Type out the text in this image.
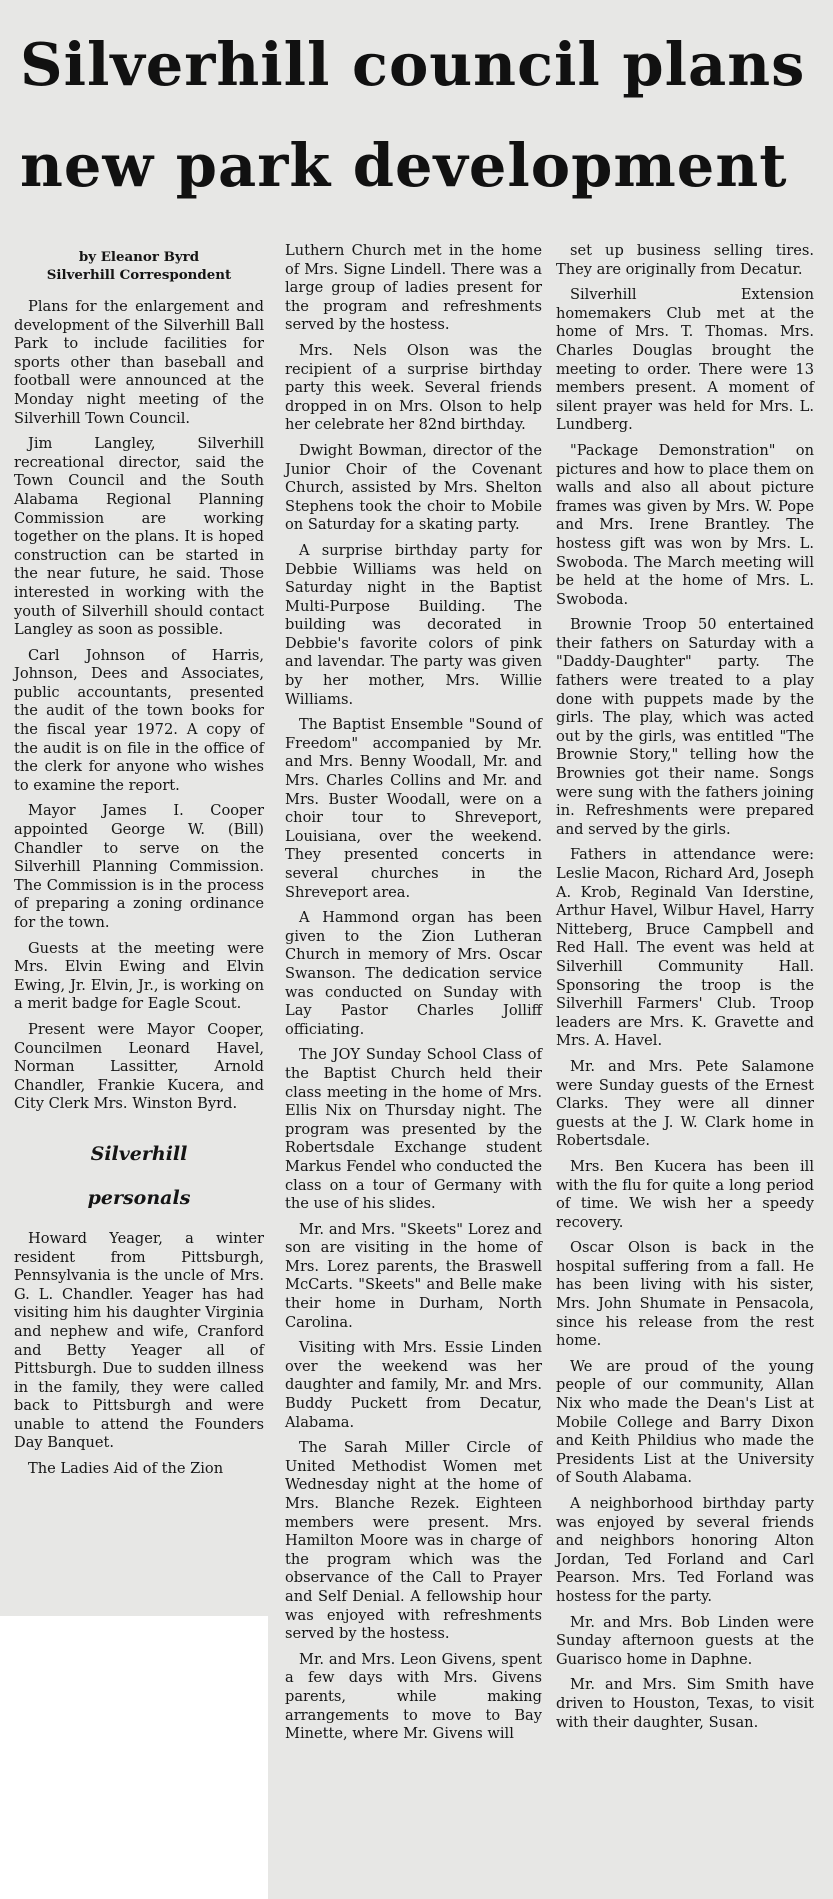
Silverhill council plans
new park development
by Eleanor Byrd
Silverhill Correspondent

Plans for the enlargement and development of the Silverhill Ball Park to include facilities for sports other than baseball and football were announced at the Monday night meeting of the Silverhill Town Council.

Jim Langley, Silverhill recreational director, said the Town Council and the South Alabama Regional Planning Commission are working together on the plans. It is hoped construction can be started in the near future, he said. Those interested in working with the youth of Silverhill should contact Langley as soon as possible.

Carl Johnson of Harris, Johnson, Dees and Associates, public accountants, presented the audit of the town books for the fiscal year 1972. A copy of the audit is on file in the office of the clerk for anyone who wishes to examine the report.

Mayor James I. Cooper appointed George W. (Bill) Chandler to serve on the Silverhill Planning Commission. The Commission is in the process of preparing a zoning ordinance for the town.

Guests at the meeting were Mrs. Elvin Ewing and Elvin Ewing, Jr. Elvin, Jr., is working on a merit badge for Eagle Scout.

Present were Mayor Cooper, Councilmen Leonard Havel, Norman Lassitter, Arnold Chandler, Frankie Kucera, and City Clerk Mrs. Winston Byrd.

Silverhill
personals

Howard Yeager, a winter resident from Pittsburgh, Pennsylvania is the uncle of Mrs. G. L. Chandler. Yeager has had visiting him his daughter Virginia and nephew and wife, Cranford and Betty Yeager all of Pittsburgh. Due to sudden illness in the family, they were called back to Pittsburgh and were unable to attend the Founders Day Banquet.

The Ladies Aid of the Zion

Luthern Church met in the home of Mrs. Signe Lindell. There was a large group of ladies present for the program and refreshments served by the hostess.

Mrs. Nels Olson was the recipient of a surprise birthday party this week. Several friends dropped in on Mrs. Olson to help her celebrate her 82nd birthday.

Dwight Bowman, director of the Junior Choir of the Covenant Church, assisted by Mrs. Shelton Stephens took the choir to Mobile on Saturday for a skating party.

A surprise birthday party for Debbie Williams was held on Saturday night in the Baptist Multi-Purpose Building. The building was decorated in Debbie's favorite colors of pink and lavendar. The party was given by her mother, Mrs. Willie Williams.

The Baptist Ensemble "Sound of Freedom" accompanied by Mr. and Mrs. Benny Woodall, Mr. and Mrs. Charles Collins and Mr. and Mrs. Buster Woodall, were on a choir tour to Shreveport, Louisiana, over the weekend. They presented concerts in several churches in the Shreveport area.

A Hammond organ has been given to the Zion Lutheran Church in memory of Mrs. Oscar Swanson. The dedication service was conducted on Sunday with Lay Pastor Charles Jolliff officiating.

The JOY Sunday School Class of the Baptist Church held their class meeting in the home of Mrs. Ellis Nix on Thursday night. The program was presented by the Robertsdale Exchange student Markus Fendel who conducted the class on a tour of Germany with the use of his slides.

Mr. and Mrs. "Skeets" Lorez and son are visiting in the home of Mrs. Lorez parents, the Braswell McCarts. "Skeets" and Belle make their home in Durham, North Carolina.

Visiting with Mrs. Essie Linden over the weekend was her daughter and family, Mr. and Mrs. Buddy Puckett from Decatur, Alabama.

The Sarah Miller Circle of United Methodist Women met Wednesday night at the home of Mrs. Blanche Rezek. Eighteen members were present. Mrs. Hamilton Moore was in charge of the program which was the observance of the Call to Prayer and Self Denial. A fellowship hour was enjoyed with refreshments served by the hostess.

Mr. and Mrs. Leon Givens, spent a few days with Mrs. Givens parents, while making arrangements to move to Bay Minette, where Mr. Givens will

set up business selling tires. They are originally from Decatur.

Silverhill Extension homemakers Club met at the home of Mrs. T. Thomas. Mrs. Charles Douglas brought the meeting to order. There were 13 members present. A moment of silent prayer was held for Mrs. L. Lundberg.

"Package Demonstration" on pictures and how to place them on walls and also all about picture frames was given by Mrs. W. Pope and Mrs. Irene Brantley. The hostess gift was won by Mrs. L. Swoboda. The March meeting will be held at the home of Mrs. L. Swoboda.

Brownie Troop 50 entertained their fathers on Saturday with a "Daddy-Daughter" party. The fathers were treated to a play done with puppets made by the girls. The play, which was acted out by the girls, was entitled "The Brownie Story," telling how the Brownies got their name. Songs were sung with the fathers joining in. Refreshments were prepared and served by the girls.

Fathers in attendance were: Leslie Macon, Richard Ard, Joseph A. Krob, Reginald Van Iderstine, Arthur Havel, Wilbur Havel, Harry Nitteberg, Bruce Campbell and Red Hall. The event was held at Silverhill Community Hall. Sponsoring the troop is the Silverhill Farmers' Club. Troop leaders are Mrs. K. Gravette and Mrs. A. Havel.

Mr. and Mrs. Pete Salamone were Sunday guests of the Ernest Clarks. They were all dinner guests at the J. W. Clark home in Robertsdale.

Mrs. Ben Kucera has been ill with the flu for quite a long period of time. We wish her a speedy recovery.

Oscar Olson is back in the hospital suffering from a fall. He has been living with his sister, Mrs. John Shumate in Pensacola, since his release from the rest home.

We are proud of the young people of our community, Allan Nix who made the Dean's List at Mobile College and Barry Dixon and Keith Phildius who made the Presidents List at the University of South Alabama.

A neighborhood birthday party was enjoyed by several friends and neighbors honoring Alton Jordan, Ted Forland and Carl Pearson. Mrs. Ted Forland was hostess for the party.

Mr. and Mrs. Bob Linden were Sunday afternoon guests at the Guarisco home in Daphne.

Mr. and Mrs. Sim Smith have driven to Houston, Texas, to visit with their daughter, Susan.
